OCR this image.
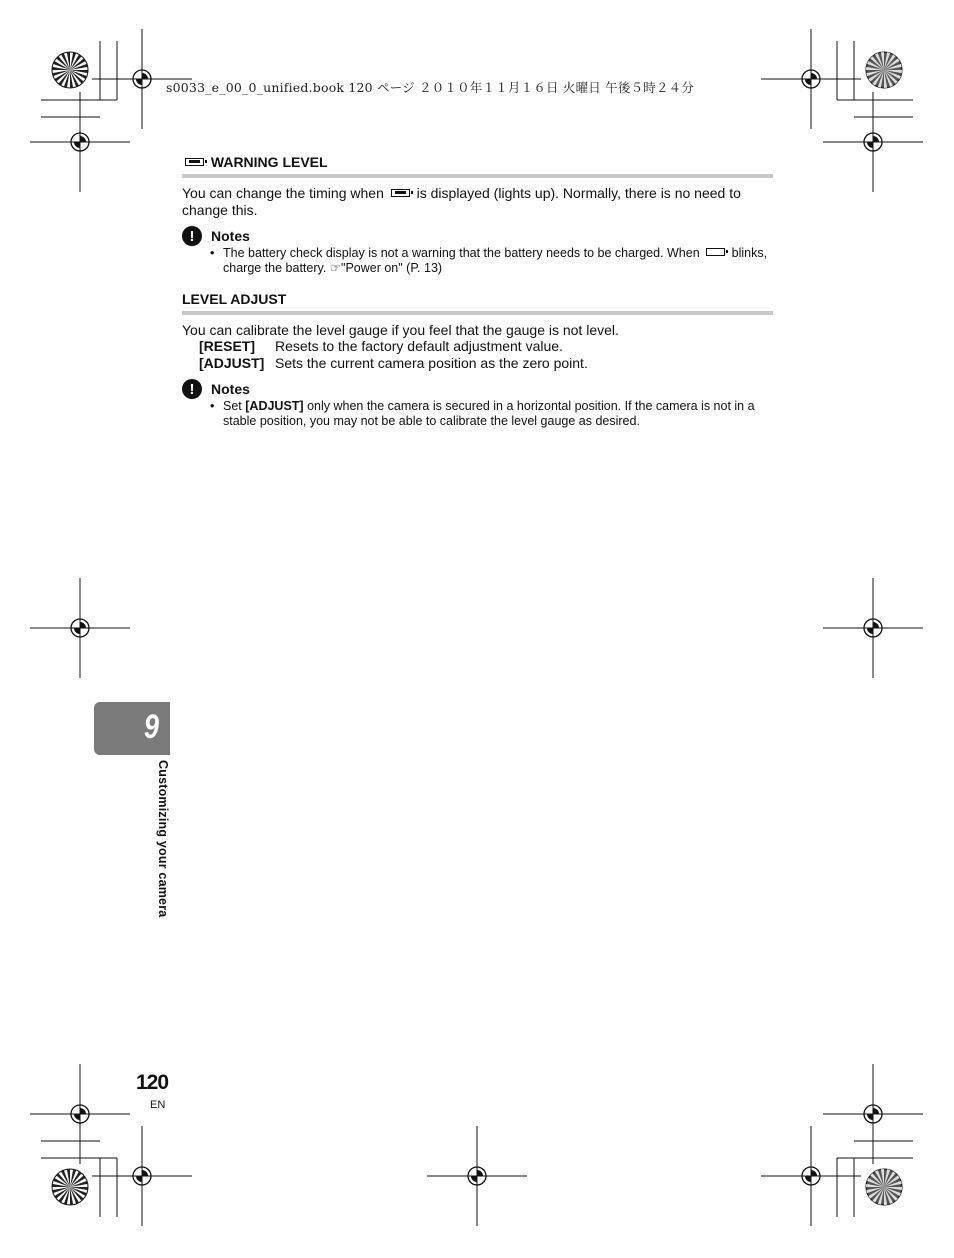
s0033_e_00_0_unified.book 120 ページ ２０１０年１１月１６日 火曜日 午後５時２４分
WARNING LEVEL
You can change the timing when is displayed (lights up). Normally, there is no need to change this.
!	Notes
• The battery check display is not a warning that the battery needs to be charged. When	blinks, charge the battery. ☞"Power on" (P. 13)
LEVEL ADJUST
You can calibrate the level gauge if you feel that the gauge is not level.
[RESET]	Resets to the factory default adjustment value.
[ADJUST] Sets the current camera position as the zero point.
!	Notes
• Set [ADJUST] only when the camera is secured in a horizontal position. If the camera is not in a stable position, you may not be able to calibrate the level gauge as desired.
9
Customizing your camera
120
EN
